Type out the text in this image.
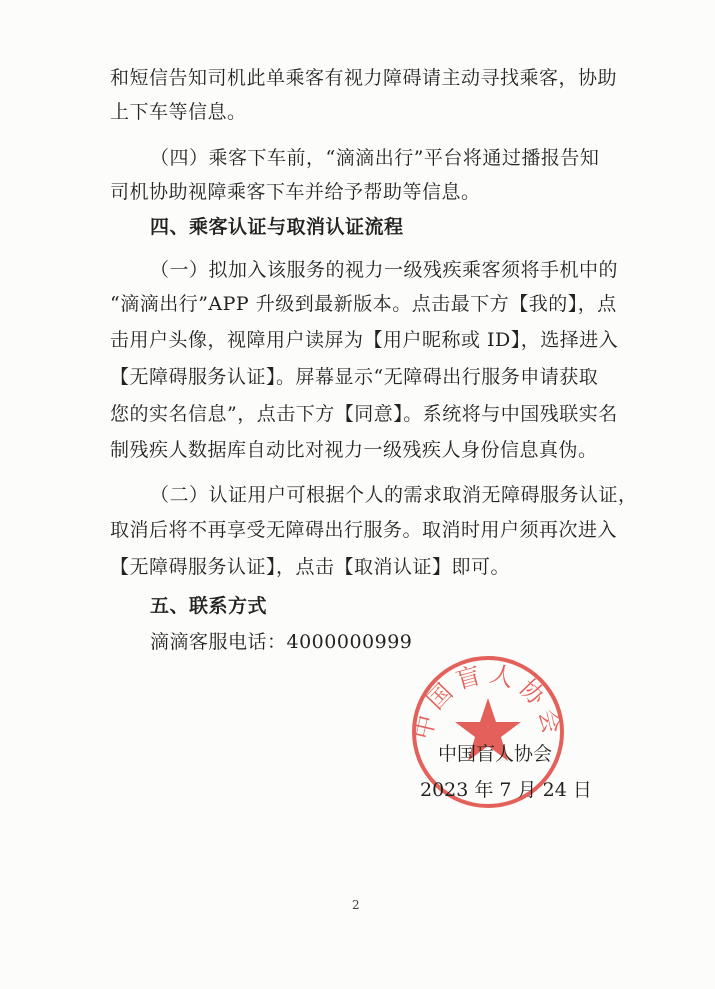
和短信告知司机此单乘客有视力障碍请主动寻找乘客，协助
上下车等信息。
（四）乘客下车前，“滴滴出行”平台将通过播报告知
司机协助视障乘客下车并给予帮助等信息。
四、乘客认证与取消认证流程
（一）拟加入该服务的视力一级残疾乘客须将手机中的
“滴滴出行”APP 升级到最新版本。点击最下方【我的】，点
击用户头像，视障用户读屏为【用户昵称或 ID】，选择进入
【无障碍服务认证】。屏幕显示“无障碍出行服务申请获取
您的实名信息”，点击下方【同意】。系统将与中国残联实名
制残疾人数据库自动比对视力一级残疾人身份信息真伪。
（二）认证用户可根据个人的需求取消无障碍服务认证，
取消后将不再享受无障碍出行服务。取消时用户须再次进入
【无障碍服务认证】，点击【取消认证】即可。
五、联系方式
滴滴客服电话：4000000999
中国盲人协会
中国盲人协会
2023 年 7 月 24 日
2
